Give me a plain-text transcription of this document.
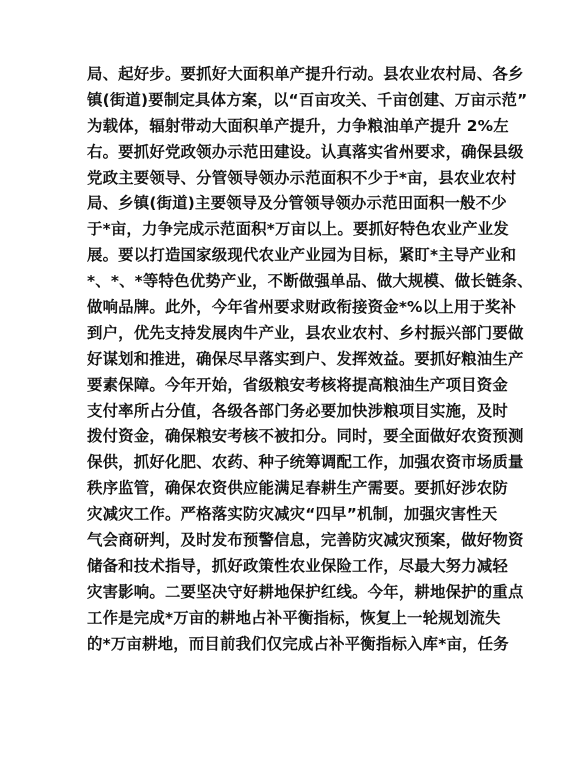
局、起好步。要抓好大面积单产提升行动。县农业农村局、各乡
镇(街道)要制定具体方案，以“百亩攻关、千亩创建、万亩示范”
为载体，辐射带动大面积单产提升，力争粮油单产提升 2%左
右。要抓好党政领办示范田建设。认真落实省州要求，确保县级
党政主要领导、分管领导领办示范面积不少于*亩，县农业农村
局、乡镇(街道)主要领导及分管领导领办示范田面积一般不少
于*亩，力争完成示范面积*万亩以上。要抓好特色农业产业发
展。要以打造国家级现代农业产业园为目标，紧盯*主导产业和
*、*、*等特色优势产业，不断做强单品、做大规模、做长链条、
做响品牌。此外，今年省州要求财政衔接资金*%以上用于奖补
到户，优先支持发展肉牛产业，县农业农村、乡村振兴部门要做
好谋划和推进，确保尽早落实到户、发挥效益。要抓好粮油生产
要素保障。今年开始，省级粮安考核将提高粮油生产项目资金
支付率所占分值，各级各部门务必要加快涉粮项目实施，及时
拨付资金，确保粮安考核不被扣分。同时，要全面做好农资预测
保供，抓好化肥、农药、种子统筹调配工作，加强农资市场质量
秩序监管，确保农资供应能满足春耕生产需要。要抓好涉农防
灾减灾工作。严格落实防灾减灾“四早”机制，加强灾害性天
气会商研判，及时发布预警信息，完善防灾减灾预案，做好物资
储备和技术指导，抓好政策性农业保险工作，尽最大努力减轻
灾害影响。二要坚决守好耕地保护红线。今年，耕地保护的重点
工作是完成*万亩的耕地占补平衡指标，恢复上一轮规划流失
的*万亩耕地，而目前我们仅完成占补平衡指标入库*亩，任务
